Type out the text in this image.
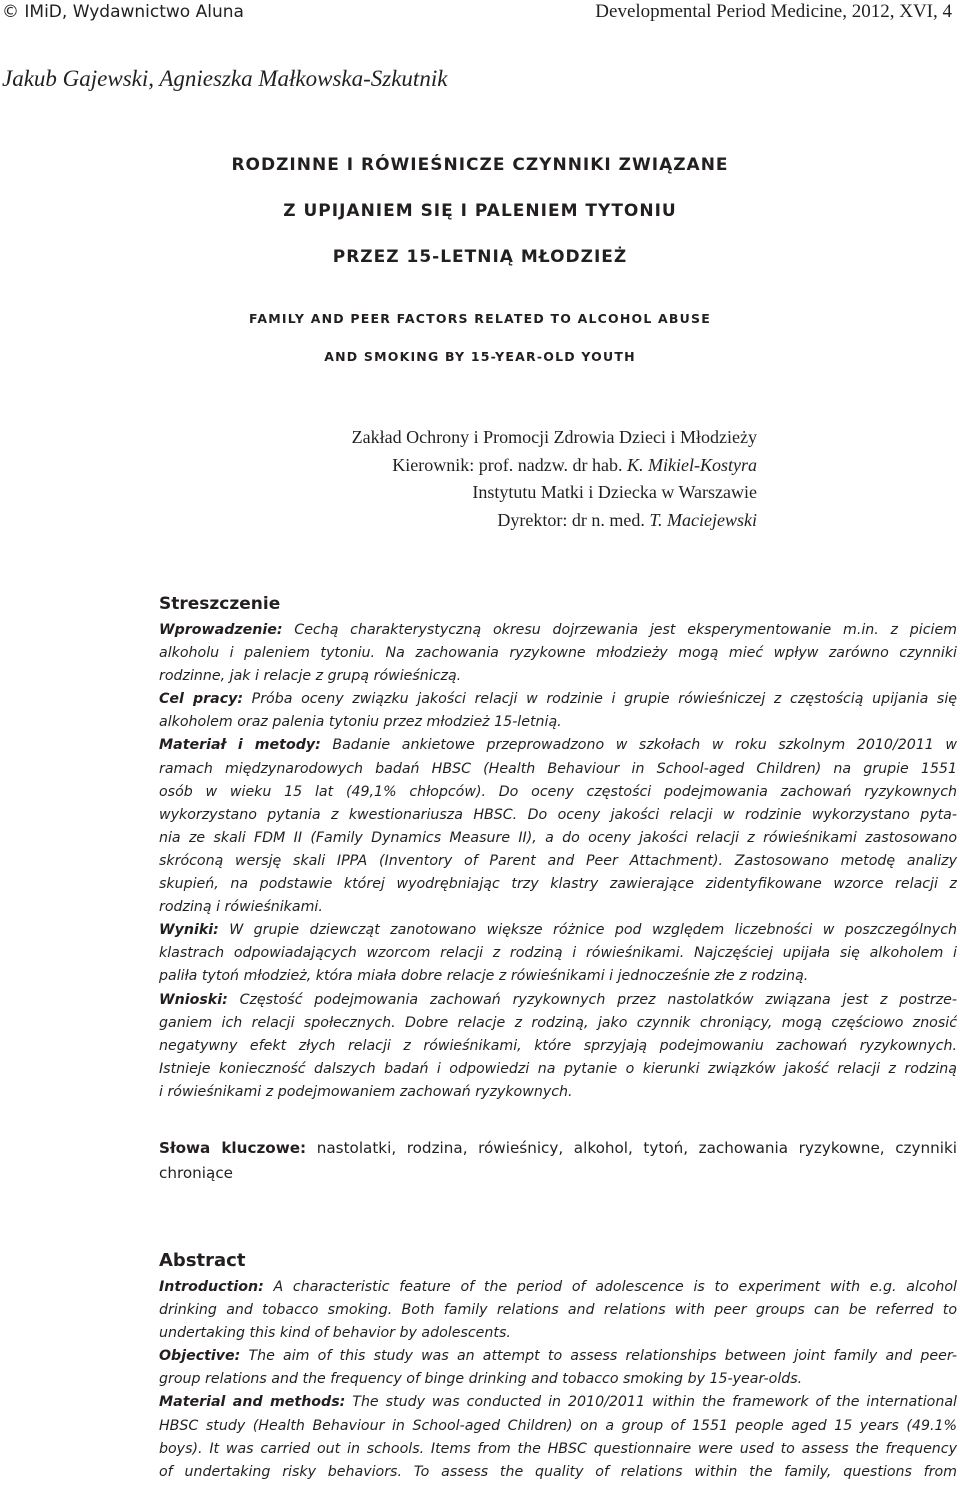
© IMiD, Wydawnictwo Aluna	Developmental Period Medicine, 2012, XVI, 4
Jakub Gajewski, Agnieszka Małkowska-Szkutnik
RODZINNE I RÓWIEŚNICZE CZYNNIKI ZWIĄZANE
Z UPIJANIEM SIĘ I PALENIEM TYTONIU
PRZEZ 15-LETNIĄ MŁODZIEŻ
FAMILY AND PEER FACTORS RELATED TO ALCOHOL ABUSE
AND SMOKING BY 15-YEAR-OLD YOUTH
Zakład Ochrony i Promocji Zdrowia Dzieci i Młodzieży
Kierownik: prof. nadzw. dr hab. K. Mikiel-Kostyra
Instytutu Matki i Dziecka w Warszawie
Dyrektor: dr n. med. T. Maciejewski
Streszczenie
Wprowadzenie: Cechą charakterystyczną okresu dojrzewania jest eksperymentowanie m.in. z piciem
alkoholu i paleniem tytoniu. Na zachowania ryzykowne młodzieży mogą mieć wpływ zarówno czynniki
rodzinne, jak i relacje z grupą rówieśniczą.
Cel pracy: Próba oceny związku jakości relacji w rodzinie i grupie rówieśniczej z częstością upijania się
alkoholem oraz palenia tytoniu przez młodzież 15-letnią.
Materiał i metody: Badanie ankietowe przeprowadzono w szkołach w roku szkolnym 2010/2011 w
ramach międzynarodowych badań HBSC (Health Behaviour in School-aged Children) na grupie 1551
osób w wieku 15 lat (49,1% chłopców). Do oceny częstości podejmowania zachowań ryzykownych
wykorzystano pytania z kwestionariusza HBSC. Do oceny jakości relacji w rodzinie wykorzystano pyta-
nia ze skali FDM II (Family Dynamics Measure II), a do oceny jakości relacji z rówieśnikami zastosowano
skróconą wersję skali IPPA (Inventory of Parent and Peer Attachment). Zastosowano metodę analizy
skupień, na podstawie której wyodrębniając trzy klastry zawierające zidentyfikowane wzorce relacji z
rodziną i rówieśnikami.
Wyniki: W grupie dziewcząt zanotowano większe różnice pod względem liczebności w poszczególnych
klastrach odpowiadających wzorcom relacji z rodziną i rówieśnikami. Najczęściej upijała się alkoholem i
paliła tytoń młodzież, która miała dobre relacje z rówieśnikami i jednocześnie złe z rodziną.
Wnioski: Częstość podejmowania zachowań ryzykownych przez nastolatków związana jest z postrze-
ganiem ich relacji społecznych. Dobre relacje z rodziną, jako czynnik chroniący, mogą częściowo znosić
negatywny efekt złych relacji z rówieśnikami, które sprzyjają podejmowaniu zachowań ryzykownych.
Istnieje konieczność dalszych badań i odpowiedzi na pytanie o kierunki związków jakość relacji z rodziną
i rówieśnikami z podejmowaniem zachowań ryzykownych.
Słowa kluczowe: nastolatki, rodzina, rówieśnicy, alkohol, tytoń, zachowania ryzykowne, czynniki
chroniące
Abstract
Introduction: A characteristic feature of the period of adolescence is to experiment with e.g. alcohol
drinking and tobacco smoking. Both family relations and relations with peer groups can be referred to
undertaking this kind of behavior by adolescents.
Objective: The aim of this study was an attempt to assess relationships between joint family and peer-
group relations and the frequency of binge drinking and tobacco smoking by 15-year-olds.
Material and methods: The study was conducted in 2010/2011 within the framework of the international
HBSC study (Health Behaviour in School-aged Children) on a group of 1551 people aged 15 years (49.1%
boys). It was carried out in schools. Items from the HBSC questionnaire were used to assess the frequency
of undertaking risky behaviors. To assess the quality of relations within the family, questions from
